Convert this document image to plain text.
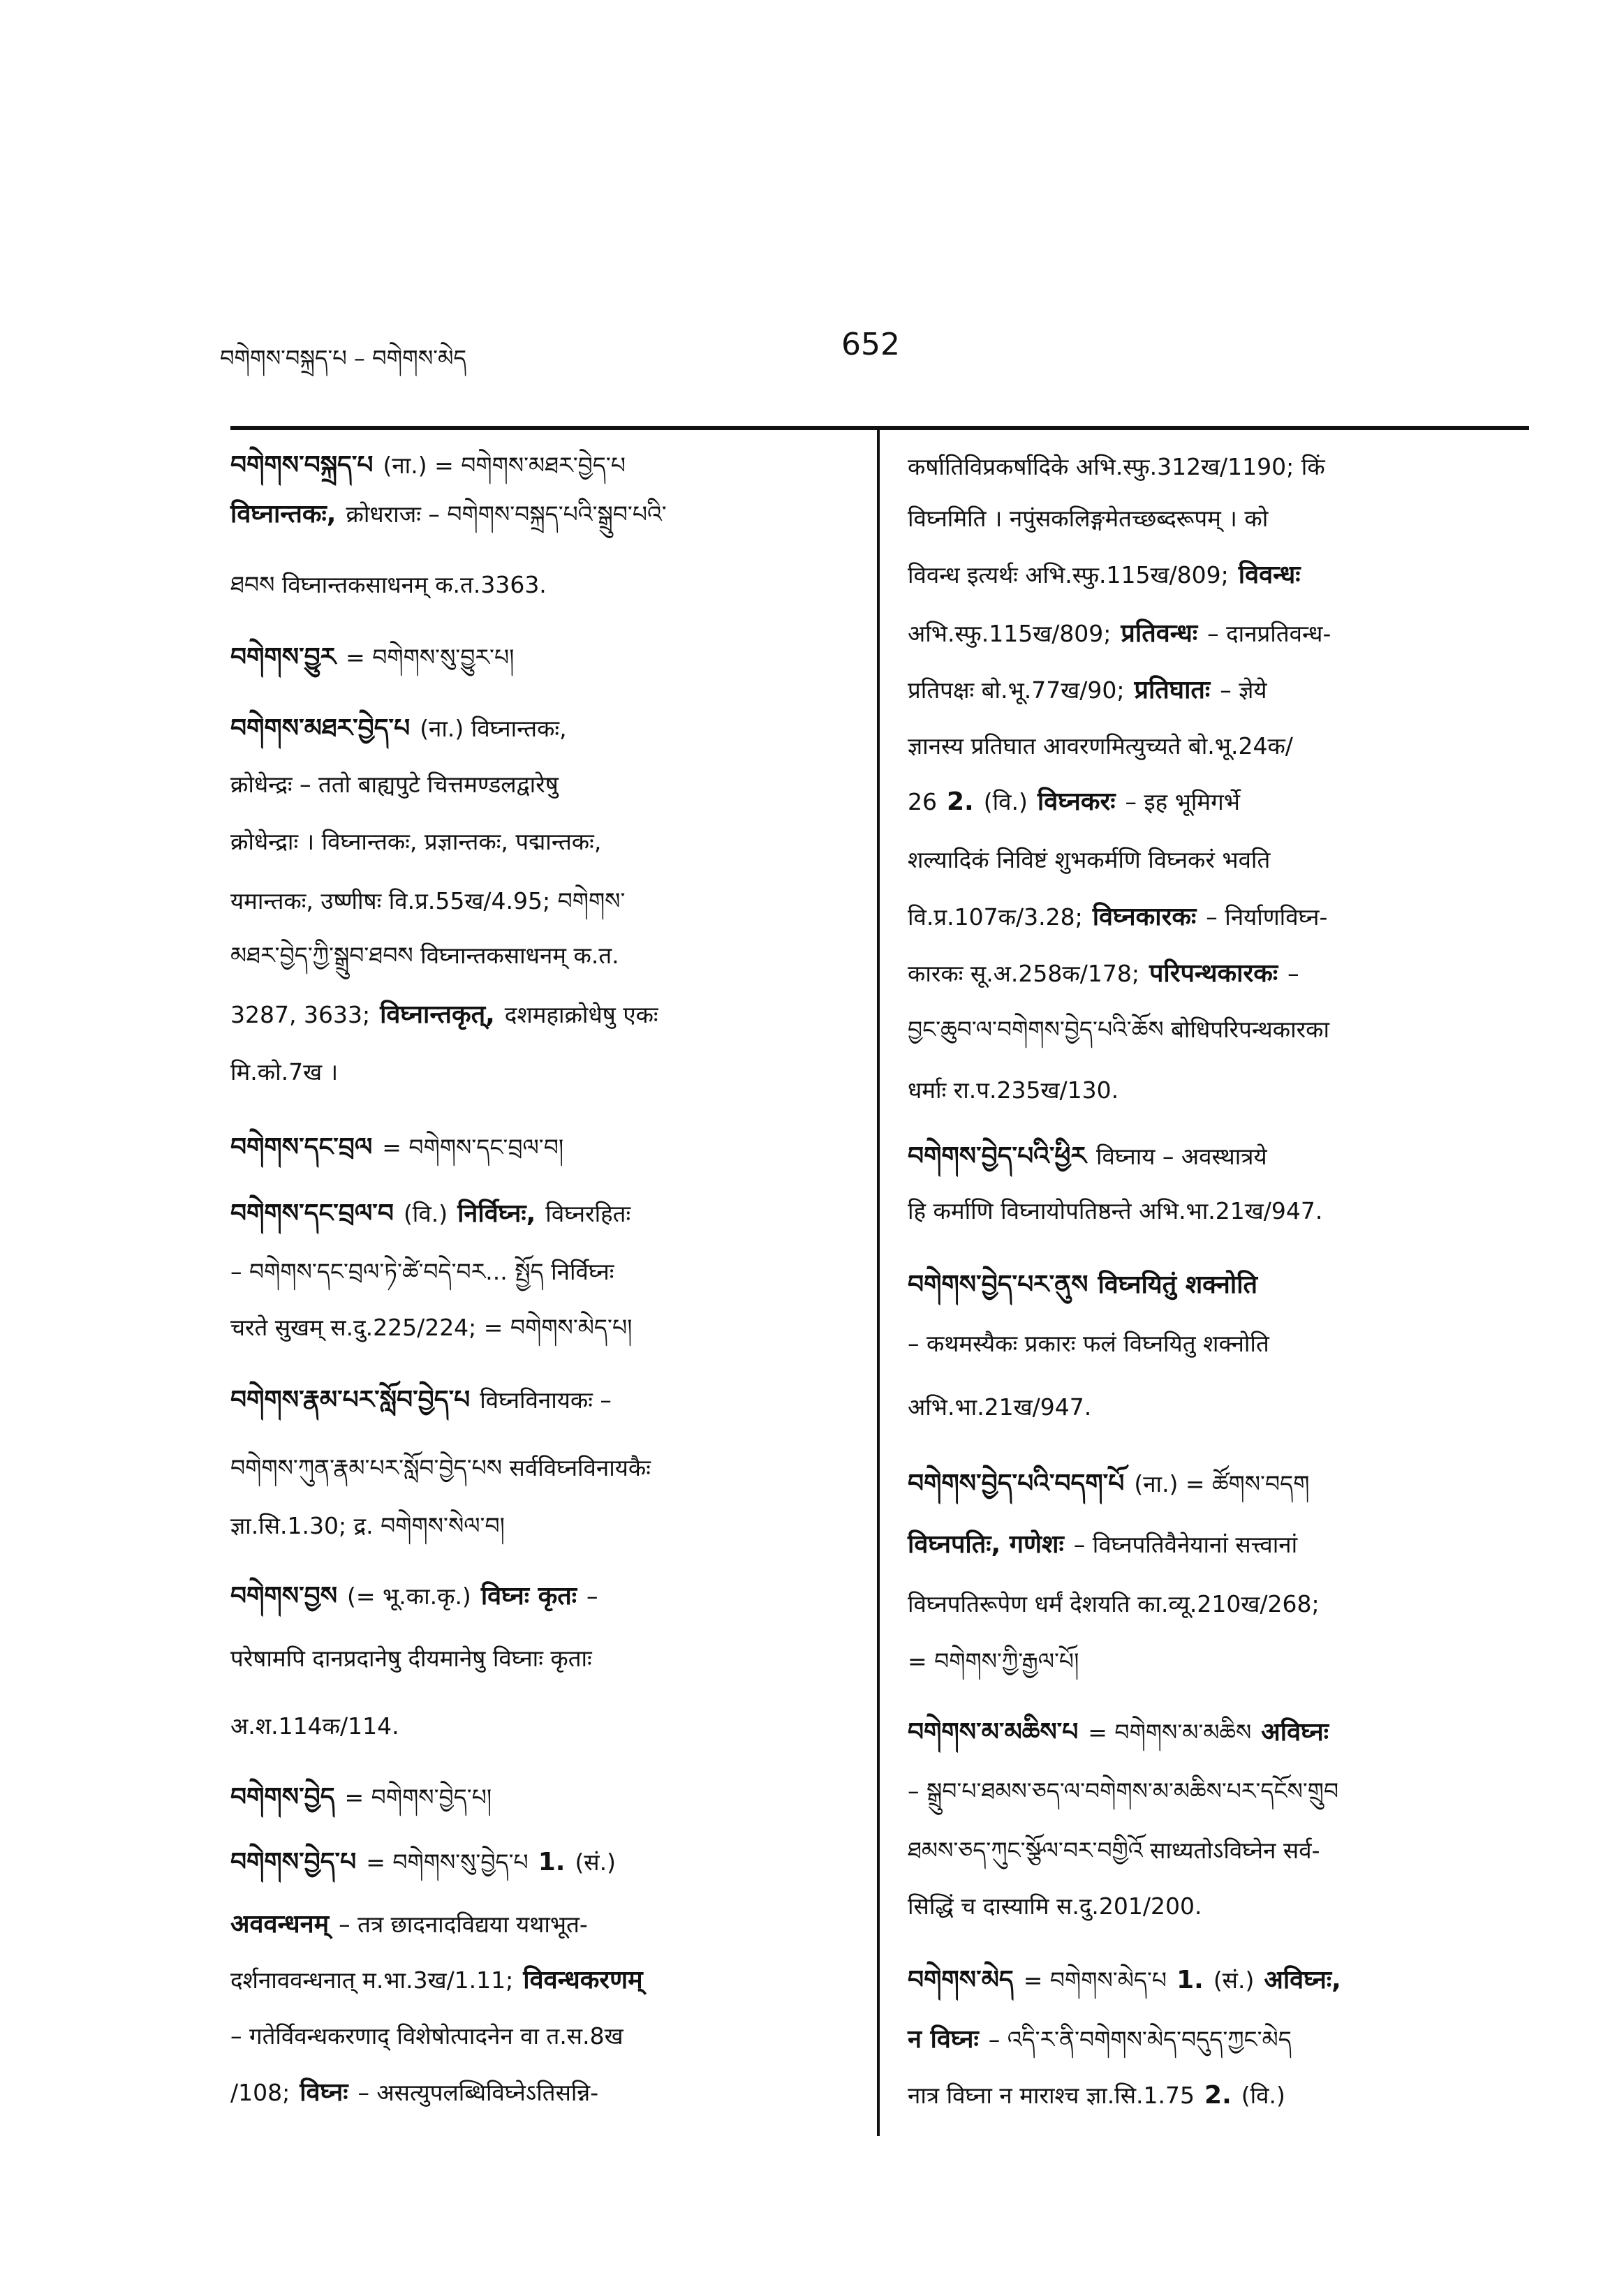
བགེགས་བསྐྲད་པ – བགེགས་མེད	652
བགེགས་བསྐྲད་པ (ना.) = བགེགས་མཐར་བྱེད་པ
विघ्नान्तकः, क्रोधराजः – བགེགས་བསྐྲད་པའི་སྒྲུབ་པའི་
ཐབས विघ्नान्तकसाधनम् क.त.3363.
བགེགས་བྱུར = བགེགས་སུ་བྱུར་པ།
བགེགས་མཐར་བྱེད་པ (ना.) विघ्नान्तकः,
क्रोधेन्द्रः – ततो बाह्यपुटे चित्तमण्डलद्वारेषु
क्रोधेन्द्राः । विघ्नान्तकः, प्रज्ञान्तकः, पद्मान्तकः,
यमान्तकः, उष्णीषः वि.प्र.55ख/4.95; བགེགས་
མཐར་བྱེད་ཀྱི་སྒྲུབ་ཐབས विघ्नान्तकसाधनम् क.त.
3287, 3633; विघ्नान्तकृत्, दशमहाक्रोधेषु एकः
मि.को.7ख ।
བགེགས་དང་བྲལ = བགེགས་དང་བྲལ་བ།
བགེགས་དང་བྲལ་བ (वि.) निर्विघ्नः, विघ्नरहितः
– བགེགས་དང་བྲལ་ཏེ་ཚེ་བདེ་བར... སྤྱོད निर्विघ्नः
चरते सुखम् स.दु.225/224; = བགེགས་མེད་པ།
བགེགས་རྣམ་པར་སློབ་བྱེད་པ विघ्नविनायकः –
བགེགས་ཀུན་རྣམ་པར་སློབ་བྱེད་པས सर्वविघ्नविनायकैः
ज्ञा.सि.1.30; द्र. བགེགས་སེལ་བ།
བགེགས་བྱས (= भू.का.कृ.) विघ्नः कृतः –
परेषामपि दानप्रदानेषु दीयमानेषु विघ्नाः कृताः
अ.श.114क/114.
བགེགས་བྱེད = བགེགས་བྱེད་པ།
བགེགས་བྱེད་པ = བགེགས་སུ་བྱེད་པ 1. (सं.)
अववन्धनम् – तत्र छादनादविद्यया यथाभूत-
दर्शनाववन्धनात् म.भा.3ख/1.11; विवन्धकरणम्
– गतेर्विवन्धकरणाद् विशेषोत्पादनेन वा त.स.8ख
/108; विघ्नः – असत्युपलब्धिविघ्नेऽतिसन्नि-
कर्षातिविप्रकर्षादिके अभि.स्फु.312ख/1190; किं
विघ्नमिति । नपुंसकलिङ्गमेतच्छब्दरूपम् । को
विवन्ध इत्यर्थः अभि.स्फु.115ख/809; विवन्धः
अभि.स्फु.115ख/809; प्रतिवन्धः – दानप्रतिवन्ध-
प्रतिपक्षः बो.भू.77ख/90; प्रतिघातः – ज्ञेये
ज्ञानस्य प्रतिघात आवरणमित्युच्यते बो.भू.24क/
26 2. (वि.) विघ्नकरः – इह भूमिगर्भे
शल्यादिकं निविष्टं शुभकर्मणि विघ्नकरं भवति
वि.प्र.107क/3.28; विघ्नकारकः – निर्याणविघ्न-
कारकः सू.अ.258क/178; परिपन्थकारकः –
བྱང་ཆུབ་ལ་བགེགས་བྱེད་པའི་ཆོས बोधिपरिपन्थकारका
धर्माः रा.प.235ख/130.
བགེགས་བྱེད་པའི་ཕྱིར विघ्नाय – अवस्थात्रये
हि कर्माणि विघ्नायोपतिष्ठन्ते अभि.भा.21ख/947.
བགེགས་བྱེད་པར་ནུས विघ्नयितुं शक्नोति
– कथमस्यैकः प्रकारः फलं विघ्नयितु शक्नोति
अभि.भा.21ख/947.
བགེགས་བྱེད་པའི་བདག་པོ (ना.) = ཚོགས་བདག
विघ्नपतिः, गणेशः – विघ्नपतिवैनेयानां सत्त्वानां
विघ्नपतिरूपेण धर्मं देशयति का.व्यू.210ख/268;
= བགེགས་ཀྱི་རྒྱལ་པོ།
བགེགས་མ་མཆིས་པ = བགེགས་མ་མཆིས अविघ्नः
– སྒྲུབ་པ་ཐམས་ཅད་ལ་བགེགས་མ་མཆིས་པར་དངོས་གྲུབ
ཐམས་ཅད་ཀུང་སྩོལ་བར་བགྱིའོ साध्यतोऽविघ्नेन सर्व-
सिद्धिं च दास्यामि स.दु.201/200.
བགེགས་མེད = བགེགས་མེད་པ 1. (सं.) अविघ्नः,
न विघ्नः – འདི་ར་ནི་བགེགས་མེད་བདུད་ཀྱང་མེད
नात्र विघ्ना न माराश्च ज्ञा.सि.1.75 2. (वि.)
